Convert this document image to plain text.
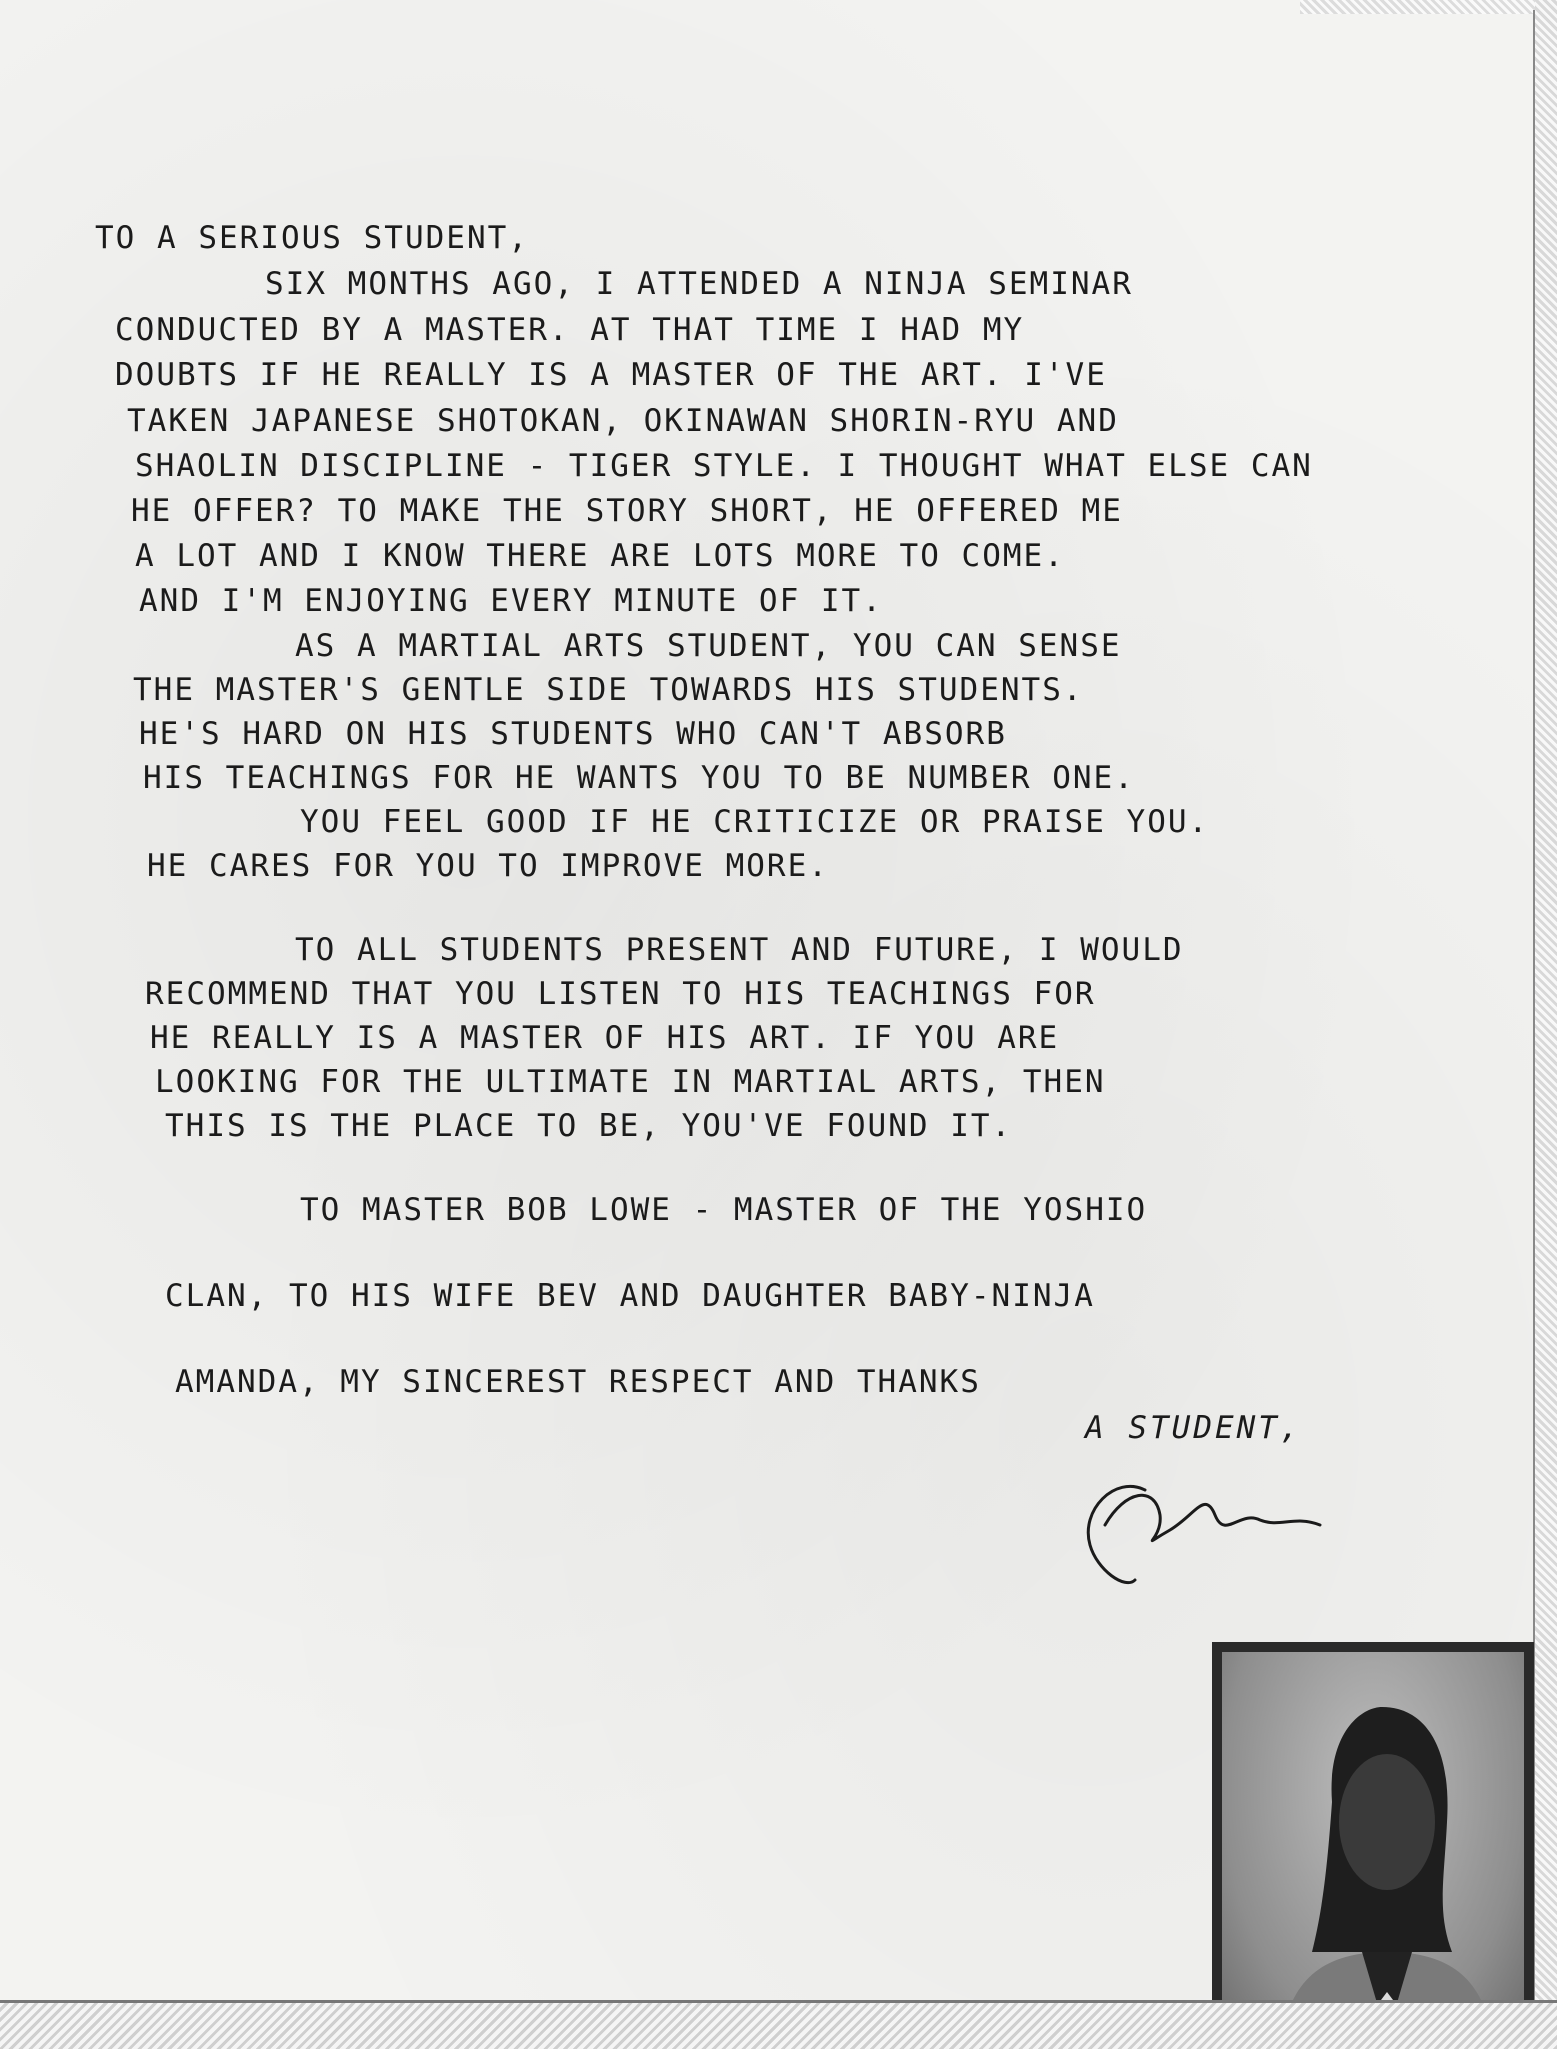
TO A SERIOUS STUDENT,
SIX MONTHS AGO, I ATTENDED A NINJA SEMINAR
CONDUCTED BY A MASTER. AT THAT TIME I HAD MY
DOUBTS IF HE REALLY IS A MASTER OF THE ART. I'VE
TAKEN JAPANESE SHOTOKAN, OKINAWAN SHORIN-RYU AND
SHAOLIN DISCIPLINE - TIGER STYLE. I THOUGHT WHAT ELSE CAN
HE OFFER? TO MAKE THE STORY SHORT, HE OFFERED ME
A LOT AND I KNOW THERE ARE LOTS MORE TO COME.
AND I'M ENJOYING EVERY MINUTE OF IT.
AS A MARTIAL ARTS STUDENT, YOU CAN SENSE
THE MASTER'S GENTLE SIDE TOWARDS HIS STUDENTS.
HE'S HARD ON HIS STUDENTS WHO CAN'T ABSORB
HIS TEACHINGS FOR HE WANTS YOU TO BE NUMBER ONE.
YOU FEEL GOOD IF HE CRITICIZE OR PRAISE YOU.
HE CARES FOR YOU TO IMPROVE MORE.
TO ALL STUDENTS PRESENT AND FUTURE, I WOULD
RECOMMEND THAT YOU LISTEN TO HIS TEACHINGS FOR
HE REALLY IS A MASTER OF HIS ART. IF YOU ARE
LOOKING FOR THE ULTIMATE IN MARTIAL ARTS, THEN
THIS IS THE PLACE TO BE, YOU'VE FOUND IT.
TO MASTER BOB LOWE - MASTER OF THE YOSHIO
CLAN, TO HIS WIFE BEV AND DAUGHTER BABY-NINJA
AMANDA, MY SINCEREST RESPECT AND THANKS
A STUDENT,
